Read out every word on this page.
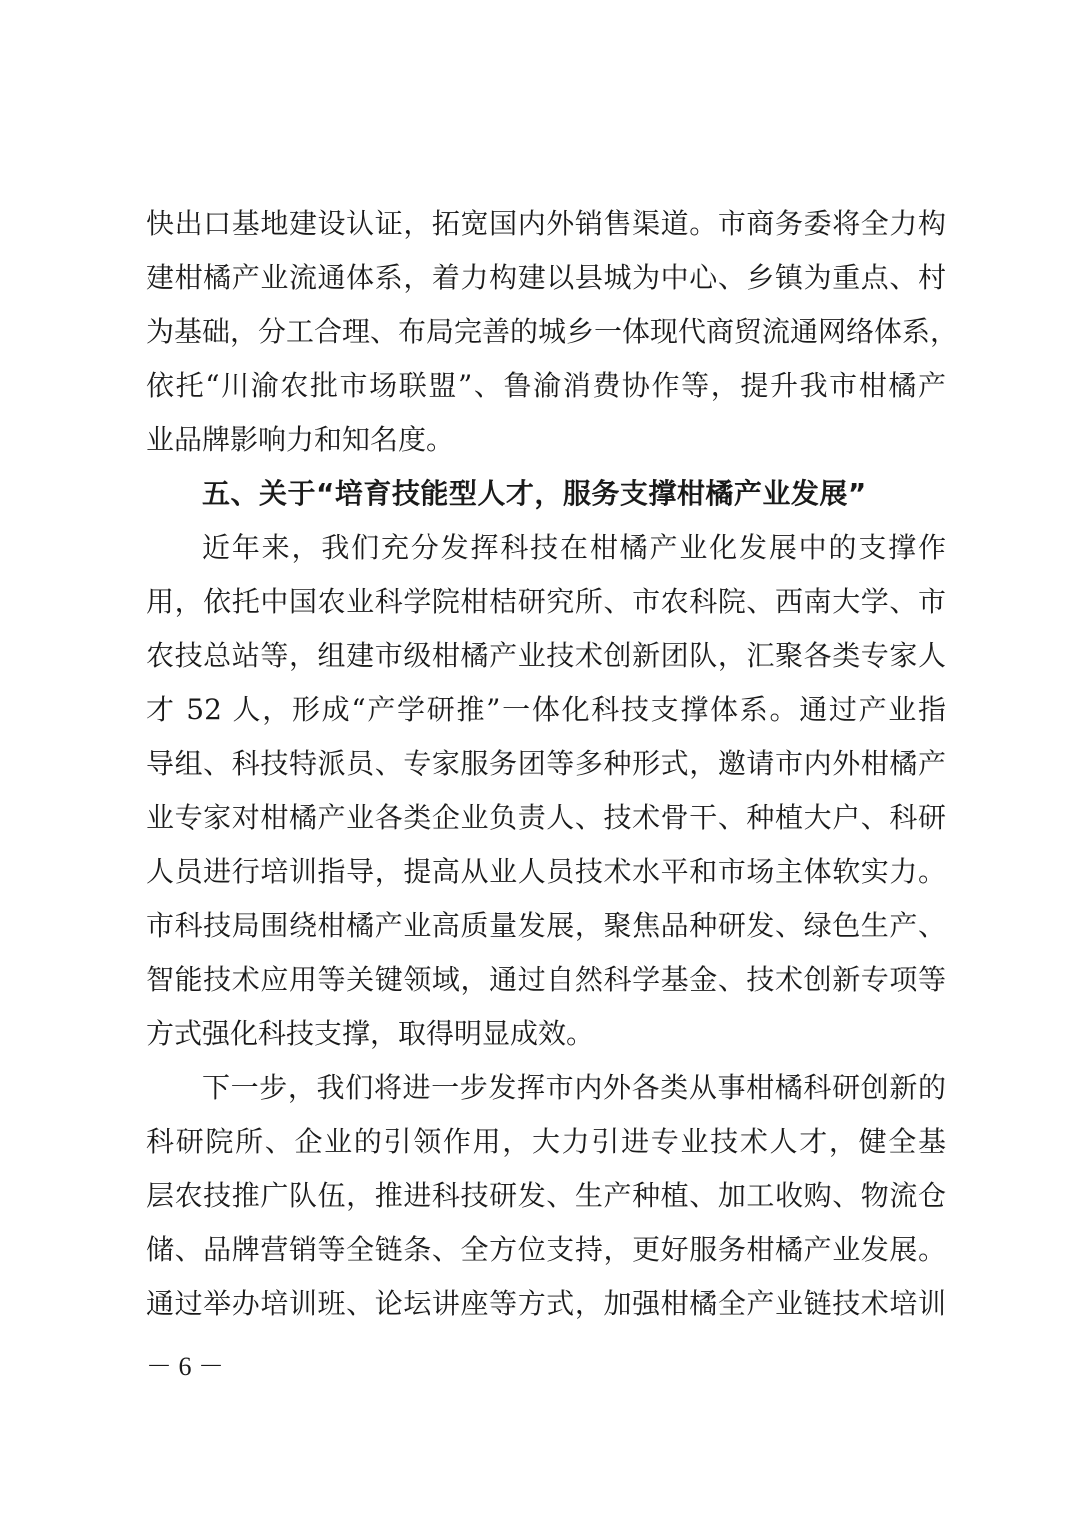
快出口基地建设认证，拓宽国内外销售渠道。市商务委将全力构
建柑橘产业流通体系，着力构建以县城为中心、乡镇为重点、村
为基础，分工合理、布局完善的城乡一体现代商贸流通网络体系，
依托“川渝农批市场联盟”、鲁渝消费协作等，提升我市柑橘产
业品牌影响力和知名度。
五、关于“培育技能型人才，服务支撑柑橘产业发展”
近年来，我们充分发挥科技在柑橘产业化发展中的支撑作
用，依托中国农业科学院柑桔研究所、市农科院、西南大学、市
农技总站等，组建市级柑橘产业技术创新团队，汇聚各类专家人
才 52 人，形成“产学研推”一体化科技支撑体系。通过产业指
导组、科技特派员、专家服务团等多种形式，邀请市内外柑橘产
业专家对柑橘产业各类企业负责人、技术骨干、种植大户、科研
人员进行培训指导，提高从业人员技术水平和市场主体软实力。
市科技局围绕柑橘产业高质量发展，聚焦品种研发、绿色生产、
智能技术应用等关键领域，通过自然科学基金、技术创新专项等
方式强化科技支撑，取得明显成效。
下一步，我们将进一步发挥市内外各类从事柑橘科研创新的
科研院所、企业的引领作用，大力引进专业技术人才，健全基
层农技推广队伍，推进科技研发、生产种植、加工收购、物流仓
储、品牌营销等全链条、全方位支持，更好服务柑橘产业发展。
通过举办培训班、论坛讲座等方式，加强柑橘全产业链技术培训
－ 6 －
